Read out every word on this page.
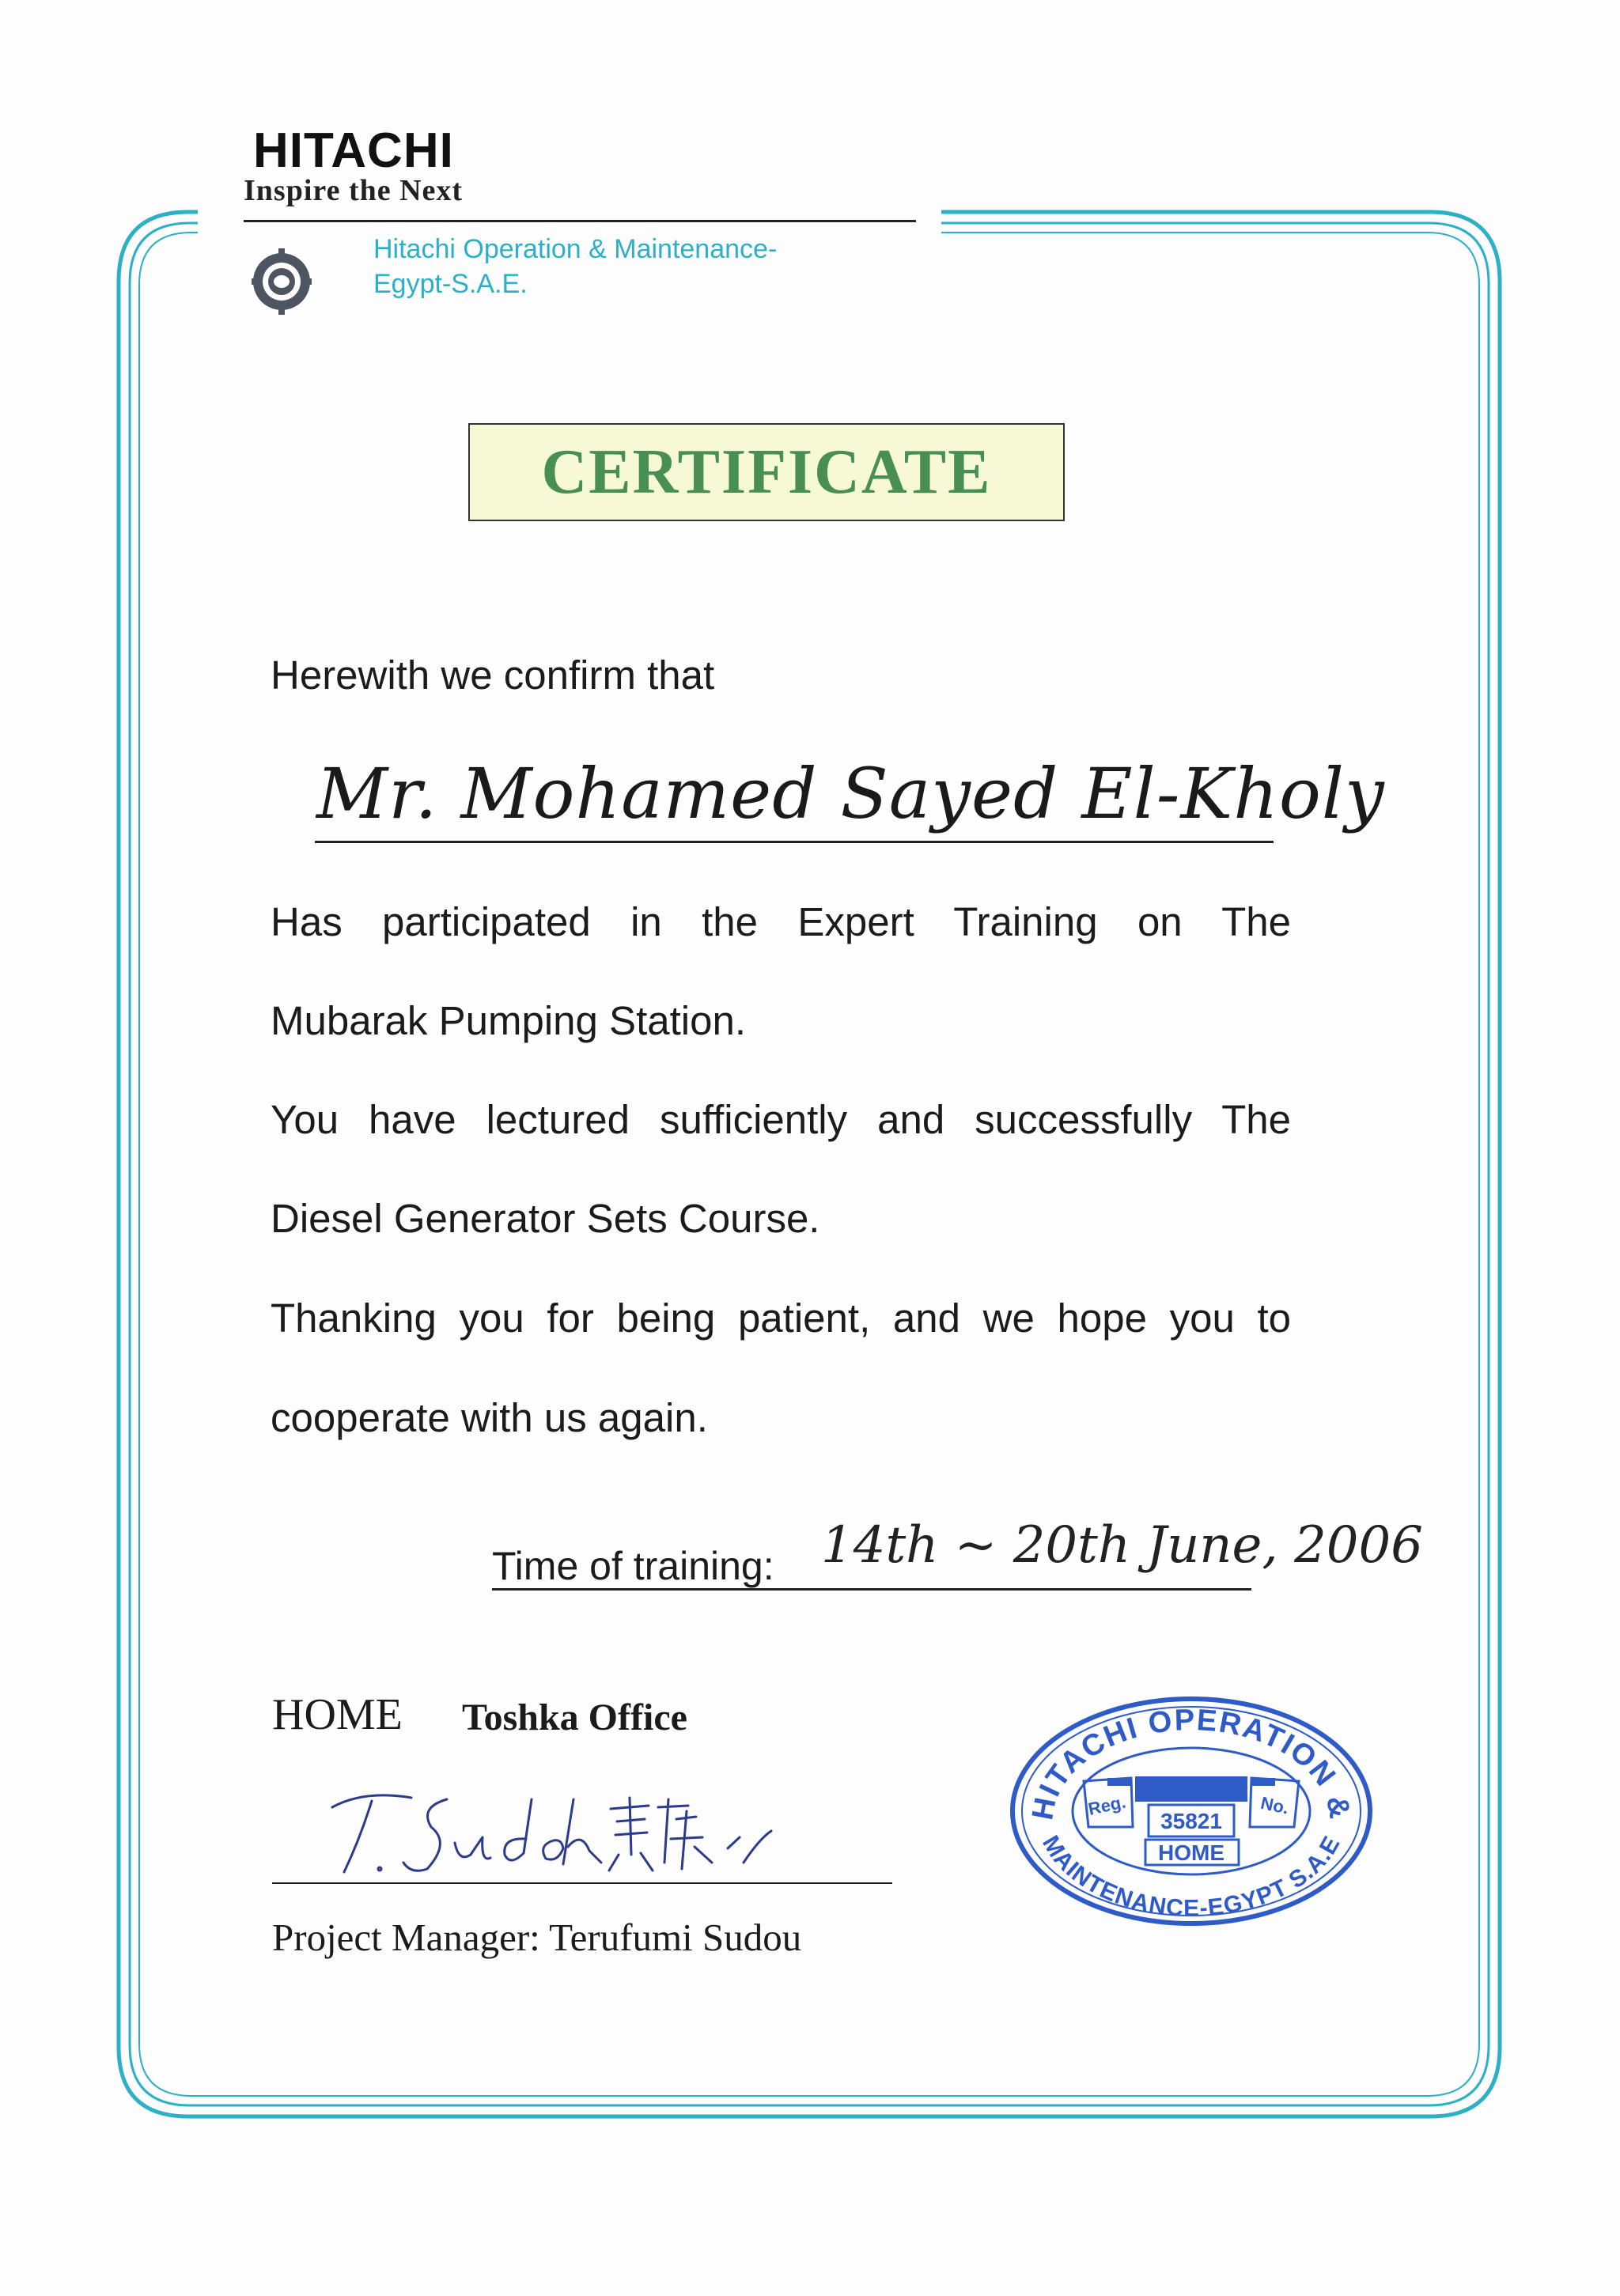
HITACHI
Inspire the Next
Hitachi Operation & Maintenance-
Egypt-S.A.E.
CERTIFICATE
Herewith we confirm that
Mr. Mohamed Sayed El-Kholy
Has participated in the Expert Training on The
Mubarak Pumping Station.
You have lectured sufficiently and successfully The
Diesel Generator Sets Course.
Thanking you for being patient, and we hope you to
cooperate with us again.
Time of training: 14th ~ 20th June, 2006
HOME Toshka Office
T. Sudoh 素藤
Project Manager: Terufumi Sudou
HITACHI OPERATION &
MAINTENANCE-EGYPT S.A.E
Reg.	No.
35821
HOME
